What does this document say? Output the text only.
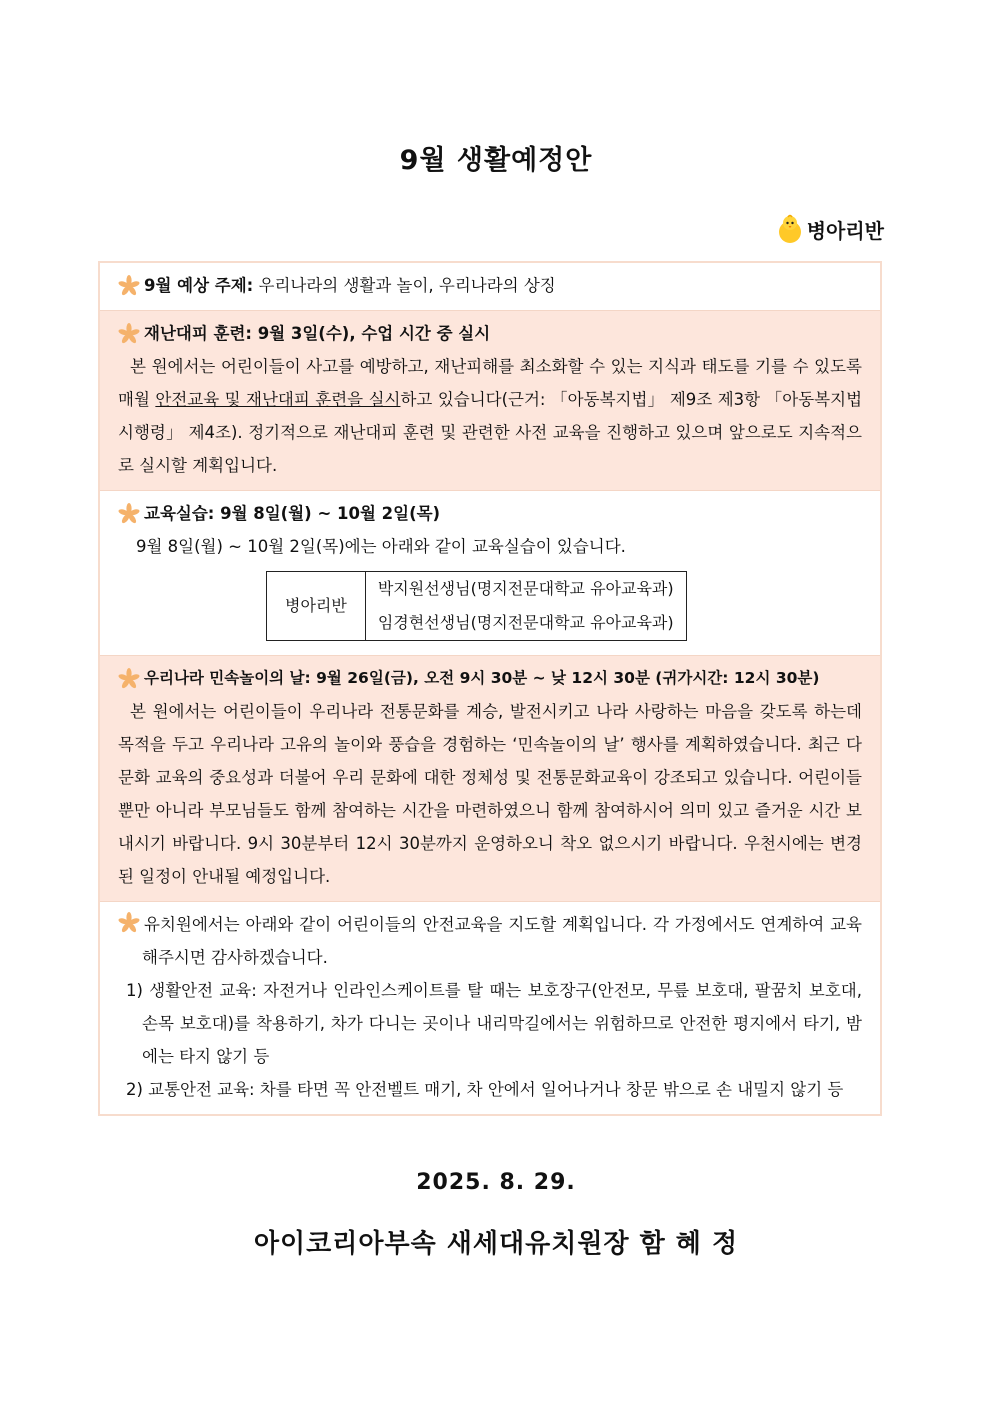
9월 생활예정안
병아리반
9월 예상 주제:
우리나라의 생활과 놀이, 우리나라의 상징
재난대피 훈련: 9월 3일(수), 수업 시간 중 실시
본 원에서는 어린이들이 사고를 예방하고, 재난피해를 최소화할 수 있는 지식과 태도를 기를 수 있도록 매월 안전교육 및 재난대피 훈련을 실시하고 있습니다(근거: 「아동복지법」 제9조 제3항 「아동복지법 시행령」 제4조). 정기적으로 재난대피 훈련 및 관련한 사전 교육을 진행하고 있으며 앞으로도 지속적으로 실시할 계획입니다.
교육실습: 9월 8일(월) ~ 10월 2일(목)
9월 8일(월) ~ 10월 2일(목)에는 아래와 같이 교육실습이 있습니다.
병아리반	박지원선생님(명지전문대학교 유아교육과)
임경현선생님(명지전문대학교 유아교육과)
우리나라 민속놀이의 날: 9월 26일(금), 오전 9시 30분 ~ 낮 12시 30분 (귀가시간: 12시 30분)
본 원에서는 어린이들이 우리나라 전통문화를 계승, 발전시키고 나라 사랑하는 마음을 갖도록 하는데 목적을 두고 우리나라 고유의 놀이와 풍습을 경험하는 ‘민속놀이의 날’ 행사를 계획하였습니다. 최근 다문화 교육의 중요성과 더불어 우리 문화에 대한 정체성 및 전통문화교육이 강조되고 있습니다. 어린이들뿐만 아니라 부모님들도 함께 참여하는 시간을 마련하였으니 함께 참여하시어 의미 있고 즐거운 시간 보내시기 바랍니다. 9시 30분부터 12시 30분까지 운영하오니 착오 없으시기 바랍니다. 우천시에는 변경된 일정이 안내될 예정입니다.
유치원에서는 아래와 같이 어린이들의 안전교육을 지도할 계획입니다. 각 가정에서도 연계하여 교육해주시면 감사하겠습니다.
1) 생활안전 교육: 자전거나 인라인스케이트를 탈 때는 보호장구(안전모, 무릎 보호대, 팔꿈치 보호대, 손목 보호대)를 착용하기, 차가 다니는 곳이나 내리막길에서는 위험하므로 안전한 평지에서 타기, 밤에는 타지 않기 등
2) 교통안전 교육: 차를 타면 꼭 안전벨트 매기, 차 안에서 일어나거나 창문 밖으로 손 내밀지 않기 등
2025. 8. 29.
아이코리아부속 새세대유치원장 함 혜 정
